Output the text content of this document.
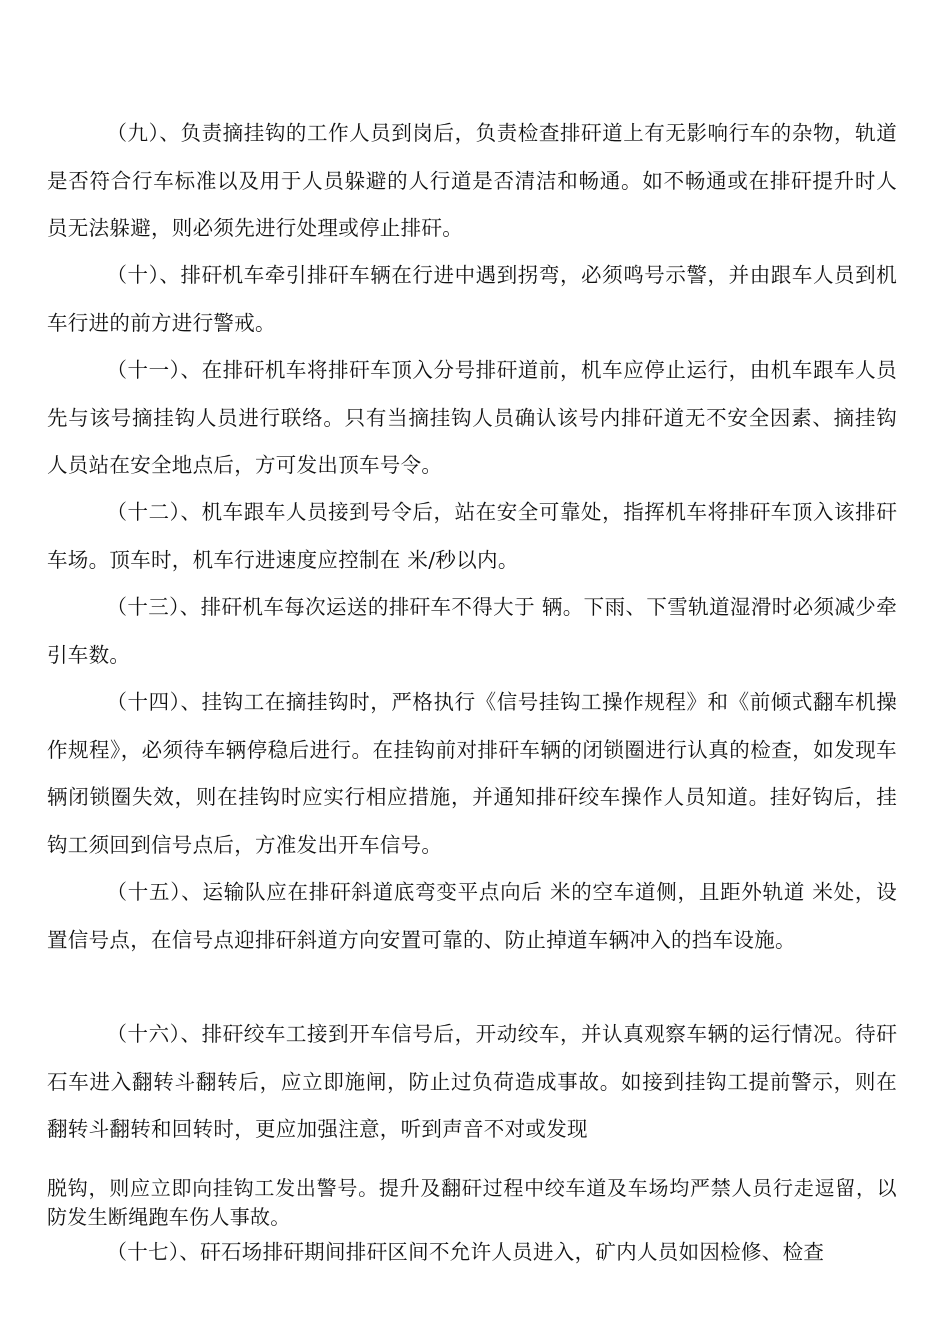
（九）、负责摘挂钩的工作人员到岗后，负责检查排矸道上有无影响行车的杂物，轨道是否符合行车标准以及用于人员躲避的人行道是否清洁和畅通。如不畅通或在排矸提升时人员无法躲避，则必须先进行处理或停止排矸。

（十）、排矸机车牵引排矸车辆在行进中遇到拐弯，必须鸣号示警，并由跟车人员到机车行进的前方进行警戒。

（十一）、在排矸机车将排矸车顶入分号排矸道前，机车应停止运行，由机车跟车人员先与该号摘挂钩人员进行联络。只有当摘挂钩人员确认该号内排矸道无不安全因素、摘挂钩人员站在安全地点后，方可发出顶车号令。

（十二）、机车跟车人员接到号令后，站在安全可靠处，指挥机车将排矸车顶入该排矸车场。顶车时，机车行进速度应控制在 米/秒以内。

（十三）、排矸机车每次运送的排矸车不得大于 辆。下雨、下雪轨道湿滑时必须减少牵引车数。

（十四）、挂钩工在摘挂钩时，严格执行《信号挂钩工操作规程》和《前倾式翻车机操作规程》，必须待车辆停稳后进行。在挂钩前对排矸车辆的闭锁圈进行认真的检查，如发现车辆闭锁圈失效，则在挂钩时应实行相应措施，并通知排矸绞车操作人员知道。挂好钩后，挂钩工须回到信号点后，方准发出开车信号。

（十五）、运输队应在排矸斜道底弯变平点向后 米的空车道侧，且距外轨道 米处，设置信号点，在信号点迎排矸斜道方向安置可靠的、防止掉道车辆冲入的挡车设施。

（十六）、排矸绞车工接到开车信号后，开动绞车，并认真观察车辆的运行情况。待矸石车进入翻转斗翻转后，应立即施闸，防止过负荷造成事故。如接到挂钩工提前警示，则在翻转斗翻转和回转时，更应加强注意，听到声音不对或发现

脱钩，则应立即向挂钩工发出警号。提升及翻矸过程中绞车道及车场均严禁人员行走逗留，以防发生断绳跑车伤人事故。

（十七）、矸石场排矸期间排矸区间不允许人员进入，矿内人员如因检修、检查
